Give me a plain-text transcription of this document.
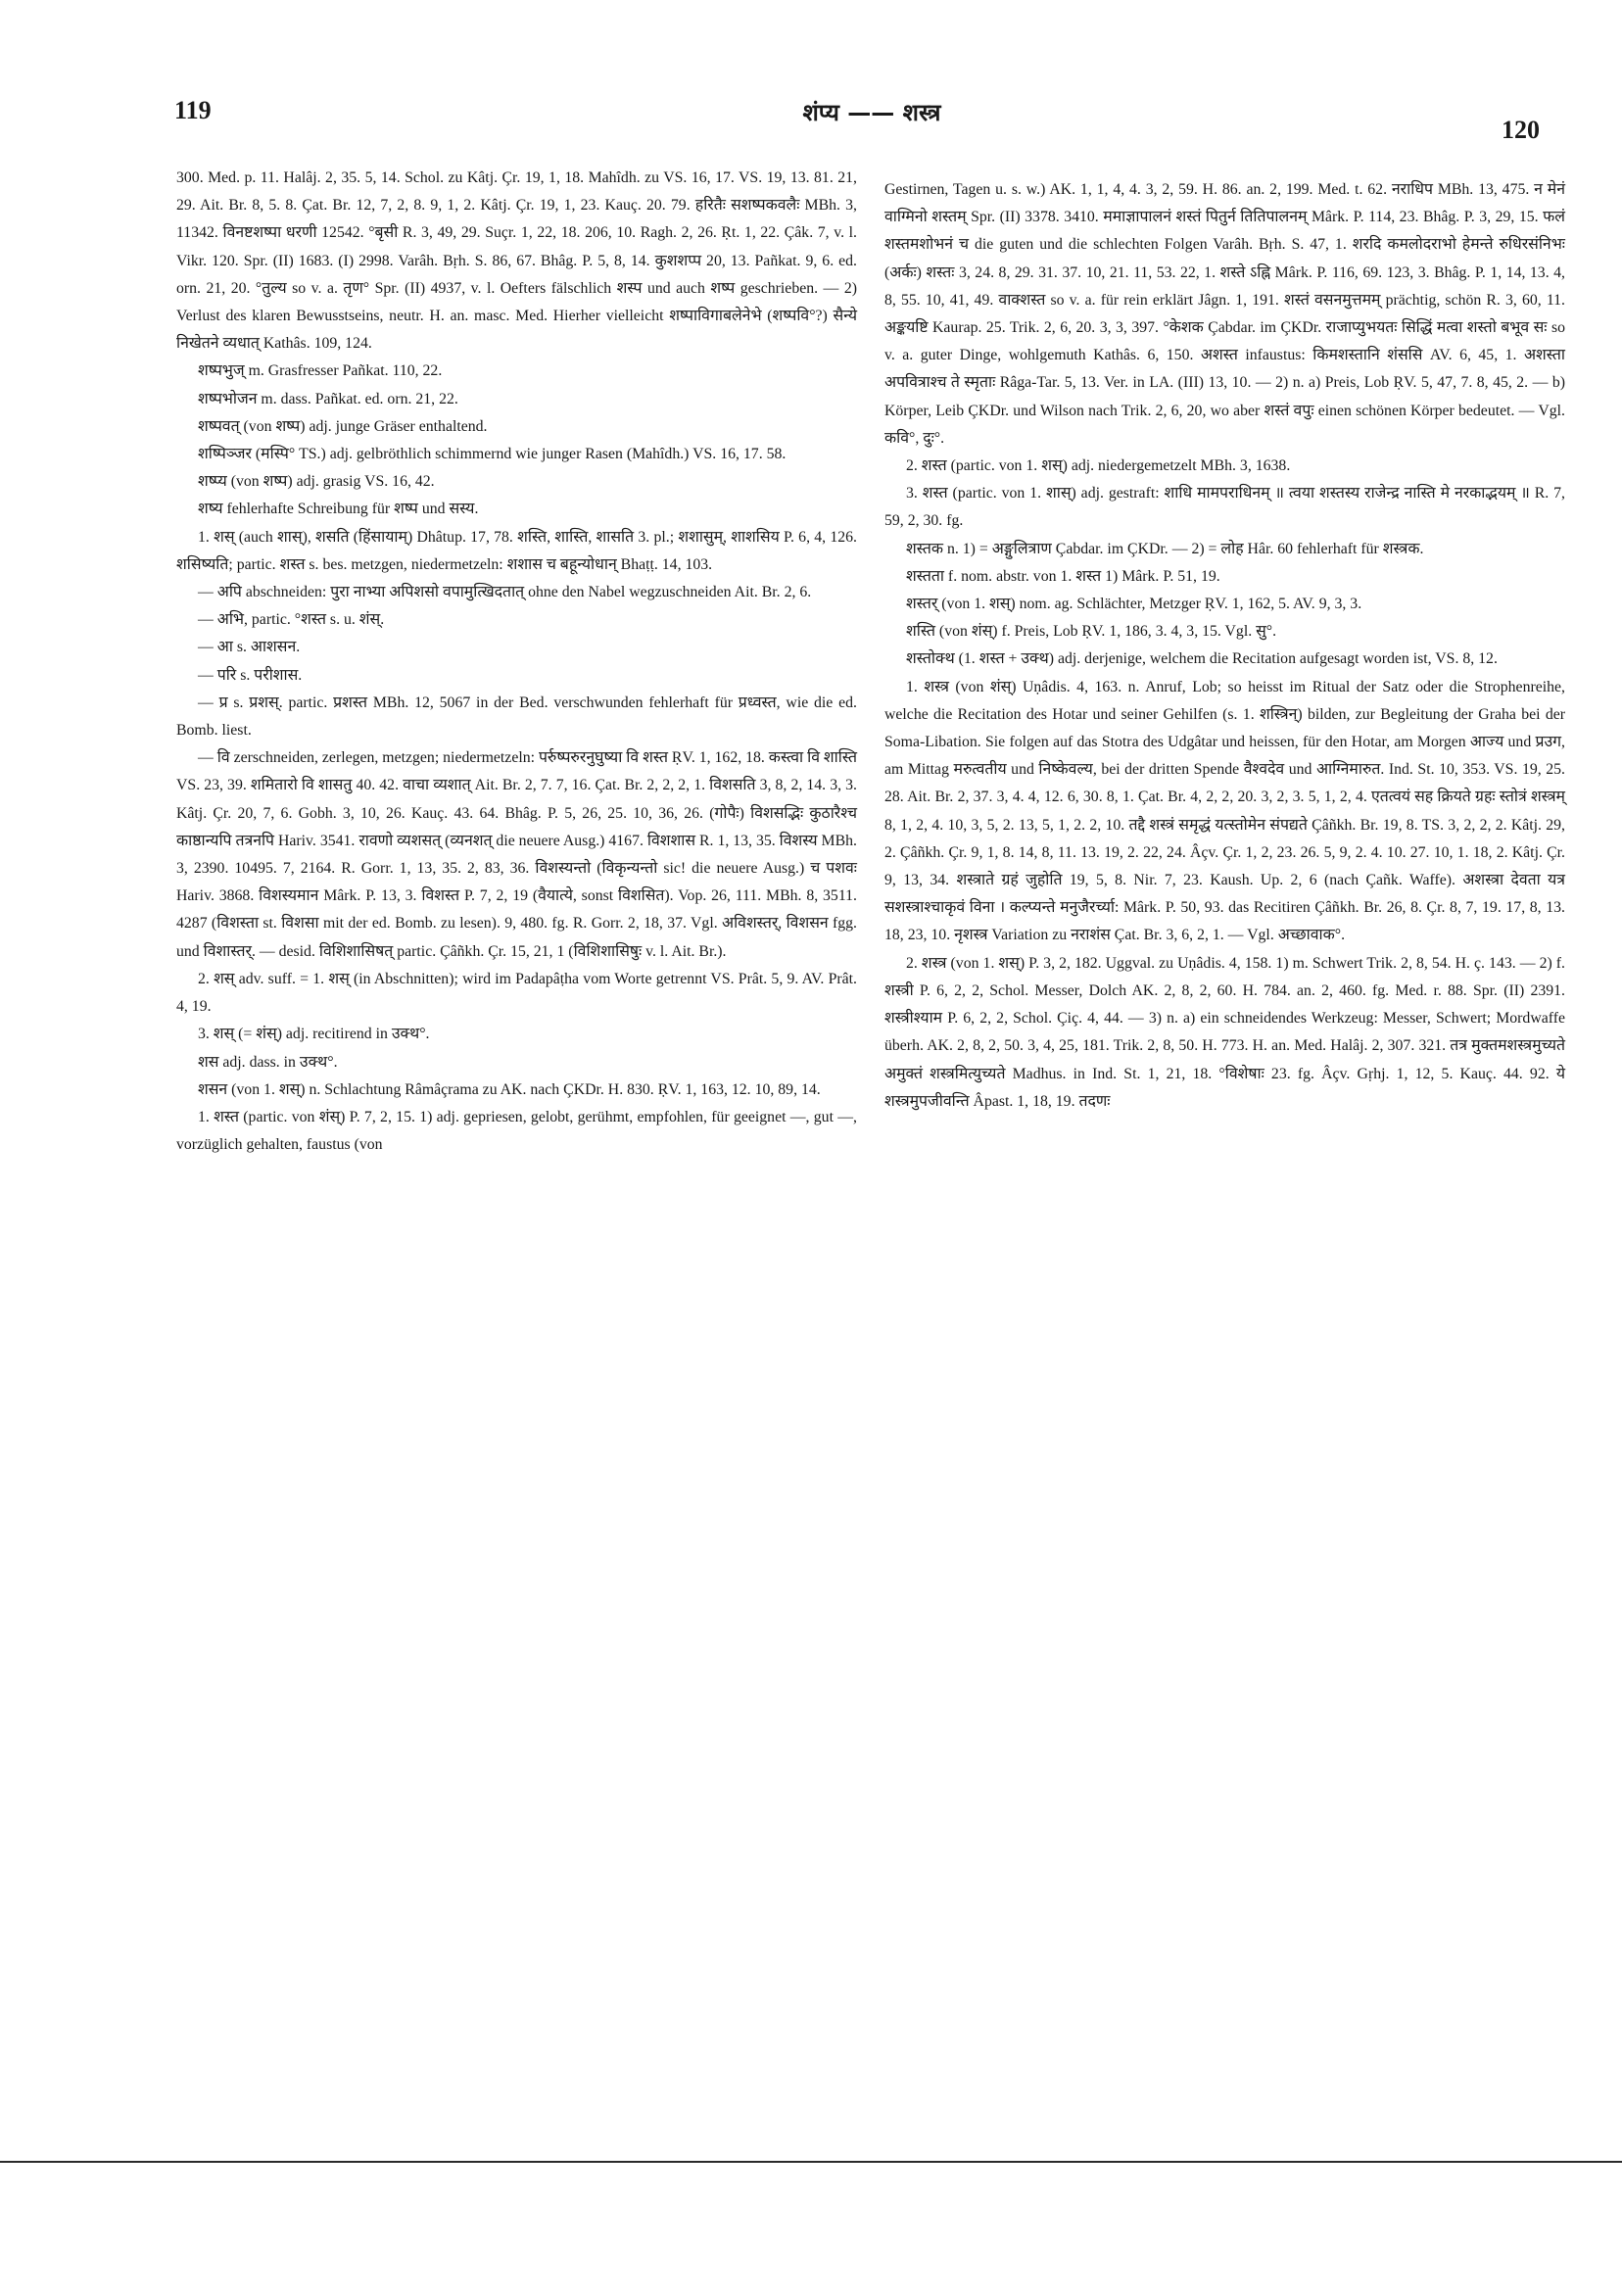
119	शंप्य —— शस्त्र
120

300. Med. p. 11. Halâj. 2, 35. 5, 14. Schol. zu Kâtj. Çr. 19, 1, 18. Mahîdh. zu VS. 16, 17. VS. 19, 13. 81. 21, 29. Ait. Br. 8, 5. 8. Çat. Br. 12, 7, 2, 8. 9, 1, 2. Kâtj. Çr. 19, 1, 23. Kauç. 20. 79. हरितैः सशष्पकवलैः MBh. 3, 11342. विनष्टशष्पा धरणी 12542. °बृसी R. 3, 49, 29. Suçr. 1, 22, 18. 206, 10. Ragh. 2, 26. Ṛt. 1, 22. Çâk. 7, v. l. Vikr. 120. Spr. (II) 1683. (I) 2998. Varâh. Bṛh. S. 86, 67. Bhâg. P. 5, 8, 14. कुशशप्प 20, 13. Pañkat. 9, 6. ed. orn. 21, 20. °तुल्य so v. a. तृण° Spr. (II) 4937, v. l. Oefters fälschlich शस्प und auch शष्प geschrieben. — 2) Verlust des klaren Bewusstseins, neutr. H. an. masc. Med. Hierher vielleicht शष्पाविगाबलेनेभे (शष्पवि°?) सैन्ये निखेतने व्यधात् Kathâs. 109, 124.

शष्पभुज् m. Grasfresser Pañkat. 110, 22.

शष्पभोजन m. dass. Pañkat. ed. orn. 21, 22.

शष्पवत् (von शष्प) adj. junge Gräser enthaltend.

शष्पिञ्जर (मस्पि° TS.) adj. gelbröthlich schimmernd wie junger Rasen (Mahîdh.) VS. 16, 17. 58.

शष्प्य (von शष्प) adj. grasig VS. 16, 42.

शष्य fehlerhafte Schreibung für शष्प und सस्य.

1. शस् (auch शास्), शसति (हिंसायाम्) Dhâtup. 17, 78. शस्ति, शास्ति, शासति 3. pl.; शशासुम्, शाशसिय P. 6, 4, 126. शसिष्यति; partic. शस्त s. bes. metzgen, niedermetzeln: शशास च बहून्योधान् Bhaṭṭ. 14, 103.

— अपि abschneiden: पुरा नाभ्या अपिशसो वपामुत्खिदतात् ohne den Nabel wegzuschneiden Ait. Br. 2, 6.

— अभि, partic. °शस्त s. u. शंस्.

— आ s. आशसन.

— परि s. परीशास.

— प्र s. प्रशस्. partic. प्रशस्त MBh. 12, 5067 in der Bed. verschwunden fehlerhaft für प्रध्वस्त, wie die ed. Bomb. liest.

— वि zerschneiden, zerlegen, metzgen; niedermetzeln: पर्रुष्परुरनुघुष्या वि शस्त ṚV. 1, 162, 18. कस्त्वा वि शास्ति VS. 23, 39. शमितारो वि शासतु 40. 42. वाचा व्यशात् Ait. Br. 2, 7. 7, 16. Çat. Br. 2, 2, 2, 1. विशसति 3, 8, 2, 14. 3, 3. Kâtj. Çr. 20, 7, 6. Gobh. 3, 10, 26. Kauç. 43. 64. Bhâg. P. 5, 26, 25. 10, 36, 26. (गोपैः) विशसद्भिः कुठारैश्च काष्ठान्यपि तत्रनपि Hariv. 3541. रावणो व्यशसत् (व्यनशत् die neuere Ausg.) 4167. विशशास R. 1, 13, 35. विशस्य MBh. 3, 2390. 10495. 7, 2164. R. Gorr. 1, 13, 35. 2, 83, 36. विशस्यन्तो (विकृन्यन्तो sic! die neuere Ausg.) च पशवः Hariv. 3868. विशस्यमान Mârk. P. 13, 3. विशस्त P. 7, 2, 19 (वैयात्ये, sonst विशसित). Vop. 26, 111. MBh. 8, 3511. 4287 (विशस्ता st. विशसा mit der ed. Bomb. zu lesen). 9, 480. fg. R. Gorr. 2, 18, 37. Vgl. अविशस्तर्, विशसन fgg. und विशास्तर्. — desid. विशिशासिषत् partic. Çâñkh. Çr. 15, 21, 1 (विशिशासिषुः v. l. Ait. Br.).

2. शस् adv. suff. = 1. शस् (in Abschnitten); wird im Padapâṭha vom Worte getrennt VS. Prât. 5, 9. AV. Prât. 4, 19.

3. शस् (= शंस्) adj. recitirend in उक्थ°.

शस adj. dass. in उक्थ°.

शसन (von 1. शस्) n. Schlachtung Râmâçrama zu AK. nach ÇKDr. H. 830. ṚV. 1, 163, 12. 10, 89, 14.

1. शस्त (partic. von शंस्) P. 7, 2, 15. 1) adj. gepriesen, gelobt, gerühmt, empfohlen, für geeignet —, gut —, vorzüglich gehalten, faustus (von

Gestirnen, Tagen u. s. w.) AK. 1, 1, 4, 4. 3, 2, 59. H. 86. an. 2, 199. Med. t. 62. नराधिप MBh. 13, 475. न मेनं वाग्मिनो शस्तम् Spr. (II) 3378. 3410. ममाज्ञापालनं शस्तं पितुर्न तितिपालनम् Mârk. P. 114, 23. Bhâg. P. 3, 29, 15. फलं शस्तमशोभनं च die guten und die schlechten Folgen Varâh. Bṛh. S. 47, 1. शरदि कमलोदराभो हेमन्ते रुधिरसंनिभः (अर्कः) शस्तः 3, 24. 8, 29. 31. 37. 10, 21. 11, 53. 22, 1. शस्ते ऽह्नि Mârk. P. 116, 69. 123, 3. Bhâg. P. 1, 14, 13. 4, 8, 55. 10, 41, 49. वाक्शस्त so v. a. für rein erklärt Jâgn. 1, 191. शस्तं वसनमुत्तमम् prächtig, schön R. 3, 60, 11. अङ्कयष्टि Kaurap. 25. Trik. 2, 6, 20. 3, 3, 397. °केशक Çabdar. im ÇKDr. राजाप्युभयतः सिद्धिं मत्वा शस्तो बभूव सः so v. a. guter Dinge, wohlgemuth Kathâs. 6, 150. अशस्त infaustus: किमशस्तानि शंससि AV. 6, 45, 1. अशस्ता अपवित्राश्च ते स्मृताः Râga-Tar. 5, 13. Ver. in LA. (III) 13, 10. — 2) n. a) Preis, Lob ṚV. 5, 47, 7. 8, 45, 2. — b) Körper, Leib ÇKDr. und Wilson nach Trik. 2, 6, 20, wo aber शस्तं वपुः einen schönen Körper bedeutet. — Vgl. कवि°, दुः°.

2. शस्त (partic. von 1. शस्) adj. niedergemetzelt MBh. 3, 1638.

3. शस्त (partic. von 1. शास्) adj. gestraft: शाधि मामपराधिनम् ॥ त्वया शस्तस्य राजेन्द्र नास्ति मे नरकाद्भयम् ॥ R. 7, 59, 2, 30. fg.

शस्तक n. 1) = अङ्गुलित्राण Çabdar. im ÇKDr. — 2) = लोह Hâr. 60 fehlerhaft für शस्त्रक.

शस्तता f. nom. abstr. von 1. शस्त 1) Mârk. P. 51, 19.

शस्तर् (von 1. शस्) nom. ag. Schlächter, Metzger ṚV. 1, 162, 5. AV. 9, 3, 3.

शस्ति (von शंस्) f. Preis, Lob ṚV. 1, 186, 3. 4, 3, 15. Vgl. सु°.

शस्तोक्थ (1. शस्त + उक्थ) adj. derjenige, welchem die Recitation aufgesagt worden ist, VS. 8, 12.

1. शस्त्र (von शंस्) Uṇâdis. 4, 163. n. Anruf, Lob; so heisst im Ritual der Satz oder die Strophenreihe, welche die Recitation des Hotar und seiner Gehilfen (s. 1. शस्त्रिन्) bilden, zur Begleitung der Graha bei der Soma-Libation. Sie folgen auf das Stotra des Udgâtar und heissen, für den Hotar, am Morgen आज्य und प्रउग, am Mittag मरुत्वतीय und निष्केवल्य, bei der dritten Spende वैश्वदेव und आग्निमारुत. Ind. St. 10, 353. VS. 19, 25. 28. Ait. Br. 2, 37. 3, 4. 4, 12. 6, 30. 8, 1. Çat. Br. 4, 2, 2, 20. 3, 2, 3. 5, 1, 2, 4. एतत्वयं सह क्रियते ग्रहः स्तोत्रं शस्त्रम् 8, 1, 2, 4. 10, 3, 5, 2. 13, 5, 1, 2. 2, 10. तद्दै शस्त्रं समृद्धं यत्स्तोमेन संपद्यते Çâñkh. Br. 19, 8. TS. 3, 2, 2, 2. Kâtj. 29, 2. Çâñkh. Çr. 9, 1, 8. 14, 8, 11. 13. 19, 2. 22, 24. Âçv. Çr. 1, 2, 23. 26. 5, 9, 2. 4. 10. 27. 10, 1. 18, 2. Kâtj. Çr. 9, 13, 34. शस्त्राते ग्रहं जुहोति 19, 5, 8. Nir. 7, 23. Kaush. Up. 2, 6 (nach Çañk. Waffe). अशस्त्रा देवता यत्र सशस्त्राश्चाकृवं विना । कल्प्यन्ते मनुजैरर्च्या: Mârk. P. 50, 93. das Recitiren Çâñkh. Br. 26, 8. Çr. 8, 7, 19. 17, 8, 13. 18, 23, 10. नृशस्त्र Variation zu नराशंस Çat. Br. 3, 6, 2, 1. — Vgl. अच्छावाक°.

2. शस्त्र (von 1. शस्) P. 3, 2, 182. Uggval. zu Uṇâdis. 4, 158. 1) m. Schwert Trik. 2, 8, 54. H. ç. 143. — 2) f. शस्त्री P. 6, 2, 2, Schol. Messer, Dolch AK. 2, 8, 2, 60. H. 784. an. 2, 460. fg. Med. r. 88. Spr. (II) 2391. शस्त्रीश्याम P. 6, 2, 2, Schol. Çiç. 4, 44. — 3) n. a) ein schneidendes Werkzeug: Messer, Schwert; Mordwaffe überh. AK. 2, 8, 2, 50. 3, 4, 25, 181. Trik. 2, 8, 50. H. 773. H. an. Med. Halâj. 2, 307. 321. तत्र मुक्तमशस्त्रमुच्यते अमुक्तं शस्त्रमित्युच्यते Madhus. in Ind. St. 1, 21, 18. °विशेषाः 23. fg. Âçv. Gṛhj. 1, 12, 5. Kauç. 44. 92. ये शस्त्रमुपजीवन्ति Âpast. 1, 18, 19. तदणः
